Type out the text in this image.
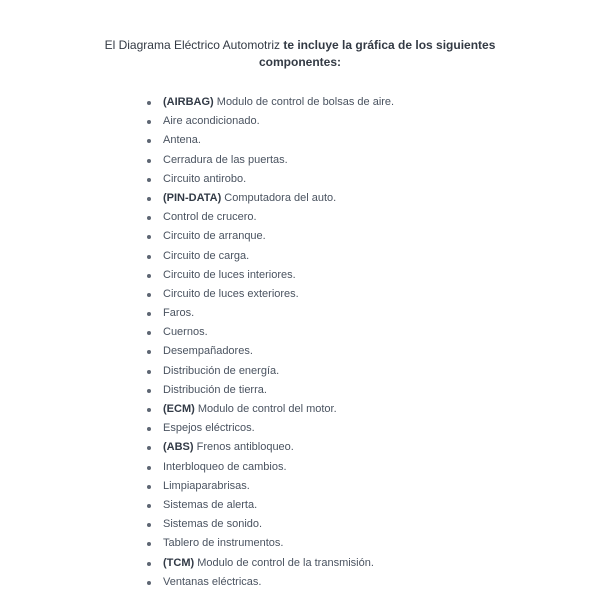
El Diagrama Eléctrico Automotriz te incluye la gráfica de los siguientes
componentes:
(AIRBAG) Modulo de control de bolsas de aire.
Aire acondicionado.
Antena.
Cerradura de las puertas.
Circuito antirobo.
(PIN-DATA) Computadora del auto.
Control de crucero.
Circuito de arranque.
Circuito de carga.
Circuito de luces interiores.
Circuito de luces exteriores.
Faros.
Cuernos.
Desempañadores.
Distribución de energía.
Distribución de tierra.
(ECM) Modulo de control del motor.
Espejos eléctricos.
(ABS) Frenos antibloqueo.
Interbloqueo de cambios.
Limpiaparabrisas.
Sistemas de alerta.
Sistemas de sonido.
Tablero de instrumentos.
(TCM) Modulo de control de la transmisión.
Ventanas eléctricas.
